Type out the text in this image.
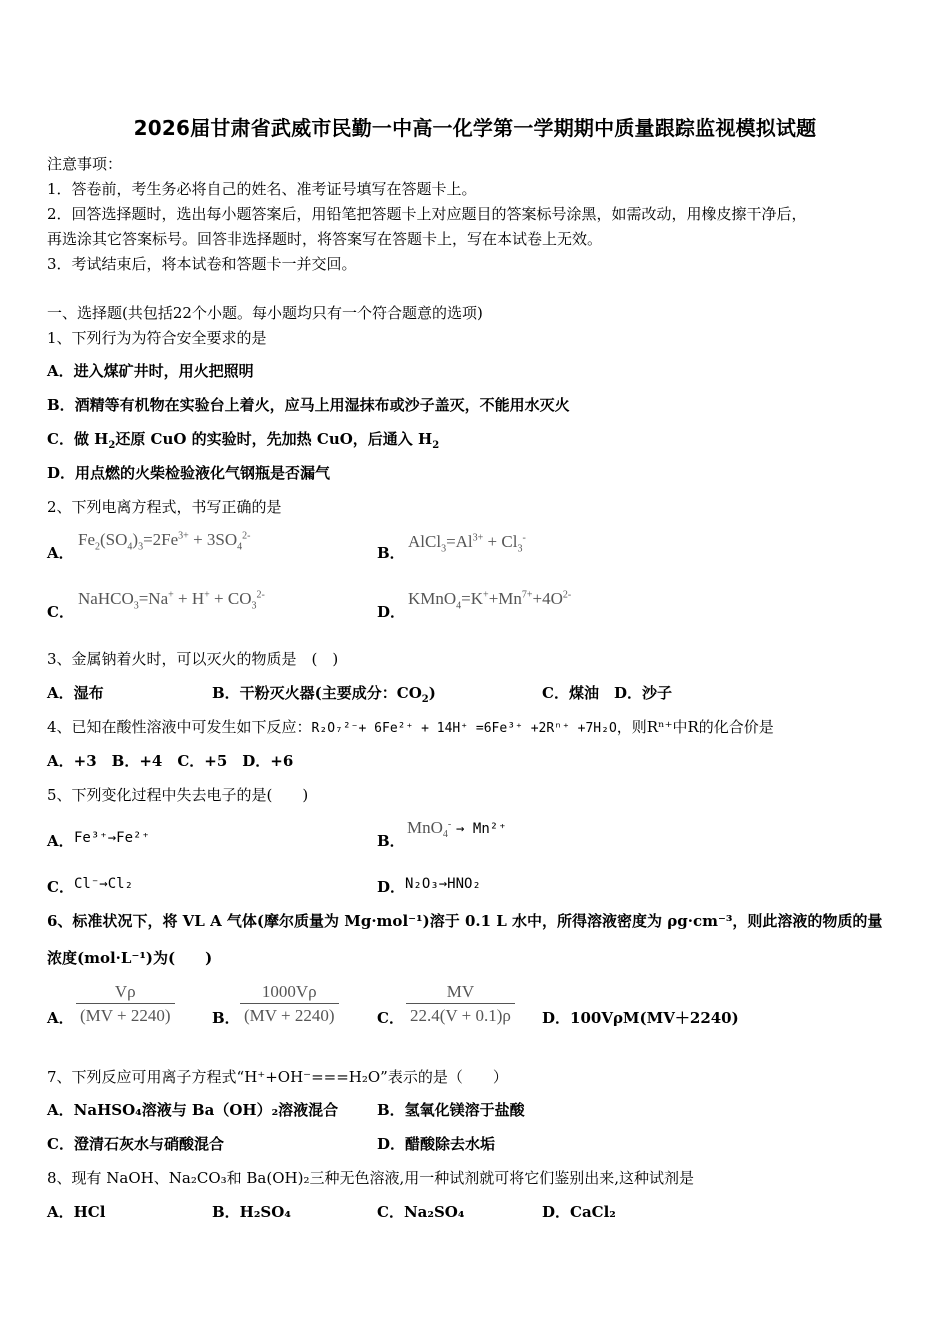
2026届甘肃省武威市民勤一中高一化学第一学期期中质量跟踪监视模拟试题
注意事项：
1．答卷前，考生务必将自己的姓名、准考证号填写在答题卡上。
2．回答选择题时，选出每小题答案后，用铅笔把答题卡上对应题目的答案标号涂黑，如需改动，用橡皮擦干净后，
再选涂其它答案标号。回答非选择题时，将答案写在答题卡上，写在本试卷上无效。
3．考试结束后，将本试卷和答题卡一并交回。
一、选择题(共包括22个小题。每小题均只有一个符合题意的选项)
1、下列行为为符合安全要求的是
A．进入煤矿井时，用火把照明
B．酒精等有机物在实验台上着火，应马上用湿抹布或沙子盖灭，不能用水灭火
C．做 $H_2$还原 CuO 的实验时，先加热 CuO，后通入 $H_2$
D．用点燃的火柴检验液化气钢瓶是否漏气
2、下列电离方程式，书写正确的是
A．
$Fe_2(SO_4)_3=2Fe^{3+} + 3SO_4^{2-}$
B．
$AlCl_3=Al^{3+} + Cl_3^-$
C．
NaHCO$_3$=Na+ + $H^+ + CO_3^{2-}$
D．
$KMnO_4=K^++Mn^{7+}+4O^{2-}$
3、金属钠着火时，可以灭火的物质是　(　)
A．湿布	B．干粉灭火器(主要成分：$CO_2$)	C．煤油　D．沙子
4、已知在酸性溶液中可发生如下反应：R₂O₇²⁻+ 6Fe²⁺ + 14H⁺ =6Fe³⁺ +2Rⁿ⁺ +7H₂O，则Rⁿ⁺中R的化合价是
A．+3　B．+4　C．+5　D．+6
5、下列变化过程中失去电子的是(　　)
A． Fe³⁺→Fe²⁺	B．
MnO$_4$- → Mn²⁺
C． Cl⁻→Cl₂	D． N₂O₃→HNO₂
6、标准状况下，将 VL A 气体(摩尔质量为 Mg·mol⁻¹)溶于 0.1 L 水中，所得溶液密度为 ρg·cm⁻³，则此溶液的物质的量
浓度(mol·L⁻¹)为(　　)
A． $\frac{V\rho}{(MV + 2240)}$	B． $\frac{1000V\rho}{(MV + 2240)}$	C． $\frac{MV}{22.4(V + 0.1)\rho}$ D．100VρM(MV＋2240)
7、下列反应可用离子方程式“H⁺+OH⁻===H₂O”表示的是（　　）
A．NaHSO₄溶液与 Ba（OH）₂溶液混合	B．氢氧化镁溶于盐酸
C．澄清石灰水与硝酸混合	D．醋酸除去水垢
8、现有 NaOH、Na₂CO₃和 Ba(OH)₂三种无色溶液,用一种试剂就可将它们鉴别出来,这种试剂是
A．HCl	B．H₂SO₄	C．Na₂SO₄	D．CaCl₂
